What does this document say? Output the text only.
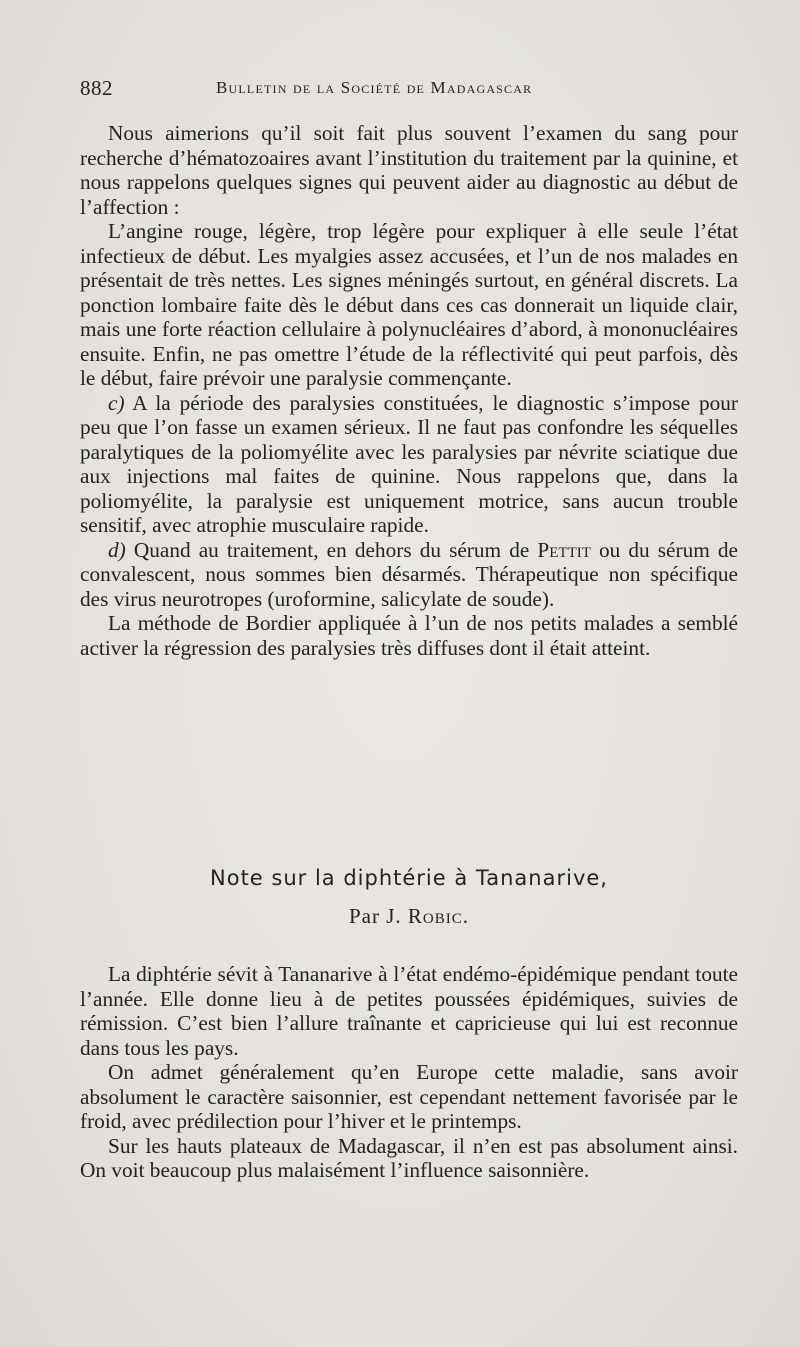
882	Bulletin de la Société de Madagascar

Nous aimerions qu’il soit fait plus souvent l’examen du sang pour recherche d’hématozoaires avant l’institution du traitement par la quinine, et nous rappelons quelques signes qui peuvent aider au diagnostic au début de l’affection :

L’angine rouge, légère, trop légère pour expliquer à elle seule l’état infectieux de début. Les myalgies assez accusées, et l’un de nos malades en présentait de très nettes. Les signes méningés surtout, en général discrets. La ponction lombaire faite dès le début dans ces cas donnerait un liquide clair, mais une forte réaction cellulaire à polynucléaires d’abord, à mononucléaires ensuite. Enfin, ne pas omettre l’étude de la réflectivité qui peut parfois, dès le début, faire prévoir une paralysie commençante.

c) A la période des paralysies constituées, le diagnostic s’impose pour peu que l’on fasse un examen sérieux. Il ne faut pas confondre les séquelles paralytiques de la poliomyélite avec les paralysies par névrite sciatique due aux injections mal faites de quinine. Nous rappelons que, dans la poliomyélite, la paralysie est uniquement motrice, sans aucun trouble sensitif, avec atrophie musculaire rapide.

d) Quand au traitement, en dehors du sérum de Pettit ou du sérum de convalescent, nous sommes bien désarmés. Thérapeutique non spécifique des virus neurotropes (uroformine, salicylate de soude).

La méthode de Bordier appliquée à l’un de nos petits malades a semblé activer la régression des paralysies très diffuses dont il était atteint.

Note sur la diphtérie à Tananarive,
Par J. Robic.

La diphtérie sévit à Tananarive à l’état endémo-épidémique pendant toute l’année. Elle donne lieu à de petites poussées épidémiques, suivies de rémission. C’est bien l’allure traînante et capricieuse qui lui est reconnue dans tous les pays.

On admet généralement qu’en Europe cette maladie, sans avoir absolument le caractère saisonnier, est cependant nettement favorisée par le froid, avec prédilection pour l’hiver et le printemps.

Sur les hauts plateaux de Madagascar, il n’en est pas absolument ainsi. On voit beaucoup plus malaisément l’influence saisonnière.
